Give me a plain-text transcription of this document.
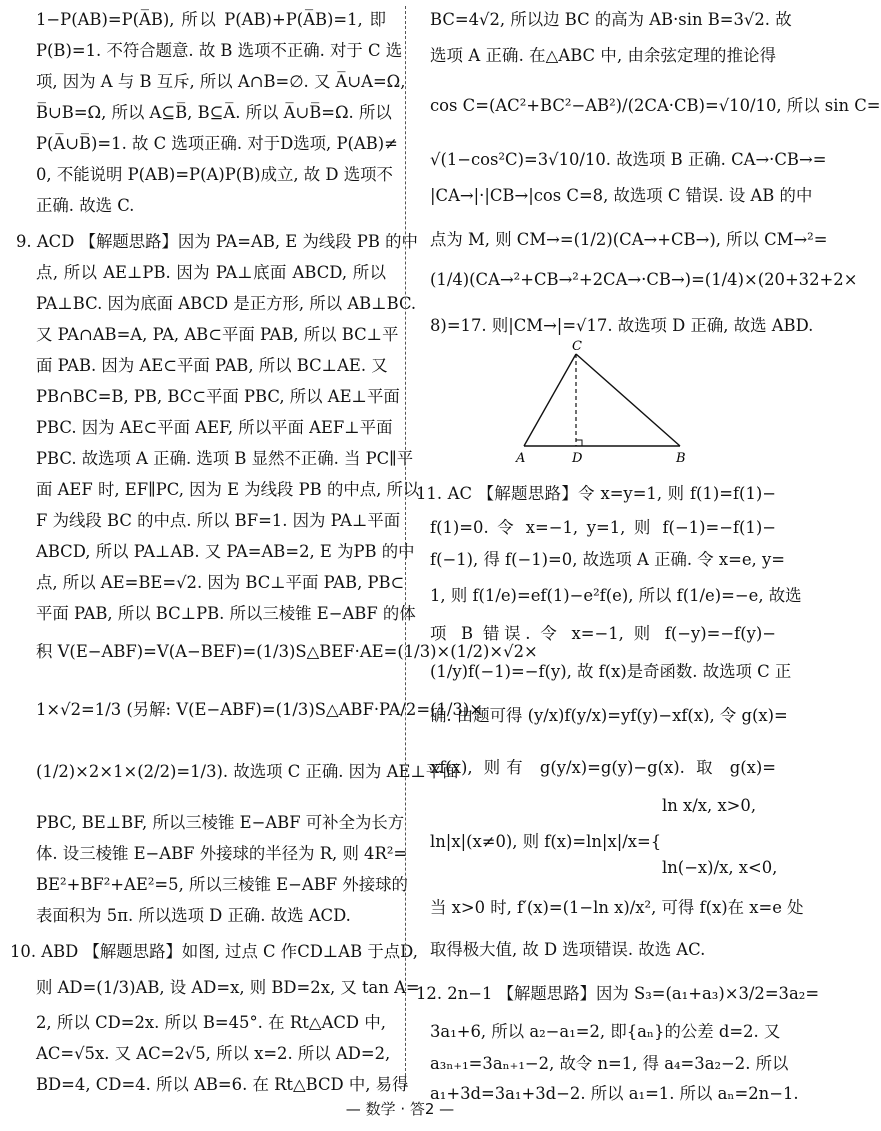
1−P(AB)=P(A̅B), 所以 P(AB)+P(A̅B)=1, 即
P(B)=1. 不符合题意. 故 B 选项不正确. 对于 C 选
项, 因为 A 与 B 互斥, 所以 A∩B=∅. 又 A̅∪A=Ω,
B̅∪B=Ω, 所以 A⊆B̅, B⊆A̅. 所以 A̅∪B̅=Ω. 所以
P(A̅∪B̅)=1. 故 C 选项正确. 对于D选项, P(AB)≠
0, 不能说明 P(AB)=P(A)P(B)成立, 故 D 选项不
正确. 故选 C.
9. ACD 【解题思路】因为 PA=AB, E 为线段 PB 的中
点, 所以 AE⊥PB. 因为 PA⊥底面 ABCD, 所以
PA⊥BC. 因为底面 ABCD 是正方形, 所以 AB⊥BC.
又 PA∩AB=A, PA, AB⊂平面 PAB, 所以 BC⊥平
面 PAB. 因为 AE⊂平面 PAB, 所以 BC⊥AE. 又
PB∩BC=B, PB, BC⊂平面 PBC, 所以 AE⊥平面
PBC. 因为 AE⊂平面 AEF, 所以平面 AEF⊥平面
PBC. 故选项 A 正确. 选项 B 显然不正确. 当 PC∥平
面 AEF 时, EF∥PC, 因为 E 为线段 PB 的中点, 所以
F 为线段 BC 的中点. 所以 BF=1. 因为 PA⊥平面
ABCD, 所以 PA⊥AB. 又 PA=AB=2, E 为PB 的中
点, 所以 AE=BE=√2. 因为 BC⊥平面 PAB, PB⊂
平面 PAB, 所以 BC⊥PB. 所以三棱锥 E−ABF 的体
积 V(E−ABF)=V(A−BEF)=(1/3)S△BEF·AE=(1/3)×(1/2)×√2×
1×√2=1/3 (另解: V(E−ABF)=(1/3)S△ABF·PA/2=(1/3)×
(1/2)×2×1×(2/2)=1/3). 故选项 C 正确. 因为 AE⊥平面
PBC, BE⊥BF, 所以三棱锥 E−ABF 可补全为长方
体. 设三棱锥 E−ABF 外接球的半径为 R, 则 4R²=
BE²+BF²+AE²=5, 所以三棱锥 E−ABF 外接球的
表面积为 5π. 所以选项 D 正确. 故选 ACD.
10. ABD 【解题思路】如图, 过点 C 作CD⊥AB 于点D,
则 AD=(1/3)AB, 设 AD=x, 则 BD=2x, 又 tan A=
2, 所以 CD=2x. 所以 B=45°. 在 Rt△ACD 中,
AC=√5x. 又 AC=2√5, 所以 x=2. 所以 AD=2,
BD=4, CD=4. 所以 AB=6. 在 Rt△BCD 中, 易得
BC=4√2, 所以边 BC 的高为 AB·sin B=3√2. 故
选项 A 正确. 在△ABC 中, 由余弦定理的推论得
cos C=(AC²+BC²−AB²)/(2CA·CB)=√10/10, 所以 sin C=
√(1−cos²C)=3√10/10. 故选项 B 正确. CA→·CB→=
|CA→|·|CB→|cos C=8, 故选项 C 错误. 设 AB 的中
点为 M, 则 CM→=(1/2)(CA→+CB→), 所以 CM→²=
(1/4)(CA→²+CB→²+2CA→·CB→)=(1/4)×(20+32+2×
8)=17. 则|CM→|=√17. 故选项 D 正确, 故选 ABD.
11. AC 【解题思路】令 x=y=1, 则 f(1)=f(1)−
f(1)=0. 令 x=−1, y=1, 则 f(−1)=−f(1)−
f(−1), 得 f(−1)=0, 故选项 A 正确. 令 x=e, y=
1, 则 f(1/e)=ef(1)−e²f(e), 所以 f(1/e)=−e, 故选
项 B 错误. 令 x=−1, 则 f(−y)=−f(y)−
(1/y)f(−1)=−f(y), 故 f(x)是奇函数. 故选项 C 正
确. 由题可得 (y/x)f(y/x)=yf(y)−xf(x), 令 g(x)=
xf(x), 则有 g(y/x)=g(y)−g(x). 取 g(x)=
ln x/x, x>0,
ln|x|(x≠0), 则 f(x)=ln|x|/x={
ln(−x)/x, x<0,
当 x>0 时, f′(x)=(1−ln x)/x², 可得 f(x)在 x=e 处
取得极大值, 故 D 选项错误. 故选 AC.
12. 2n−1 【解题思路】因为 S₃=(a₁+a₃)×3/2=3a₂=
3a₁+6, 所以 a₂−a₁=2, 即{aₙ}的公差 d=2. 又
a₃ₙ₊₁=3aₙ₊₁−2, 故令 n=1, 得 a₄=3a₂−2. 所以
a₁+3d=3a₁+3d−2. 所以 a₁=1. 所以 aₙ=2n−1.
C
A	D	B
— 数学 · 答2 —
